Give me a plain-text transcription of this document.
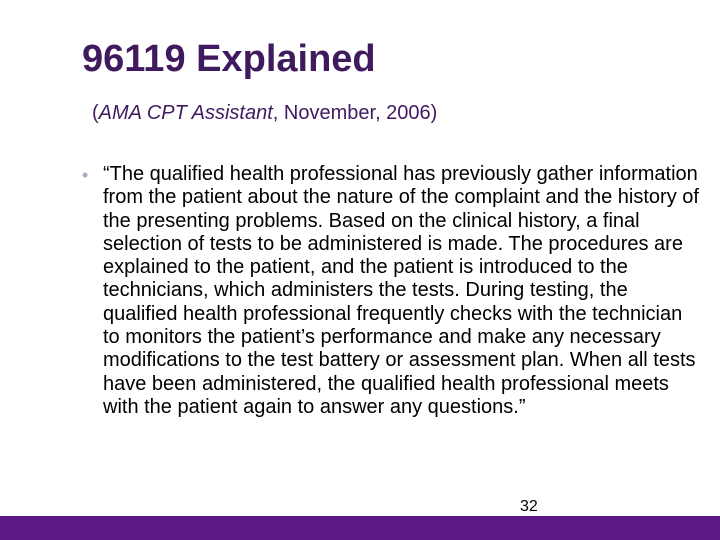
96119 Explained
(AMA CPT Assistant, November, 2006)
• “The qualified health professional has previously gather information from the patient about the nature of the complaint and the history of the presenting problems. Based on the clinical history, a final selection of tests to be administered is made. The procedures are explained to the patient, and the patient is introduced to the technicians, which administers the tests. During testing, the qualified health professional frequently checks with the technician to monitors the patient’s performance and make any necessary modifications to the test battery or assessment plan. When all tests have been administered, the qualified health professional meets with the patient again to answer any questions.”

32
